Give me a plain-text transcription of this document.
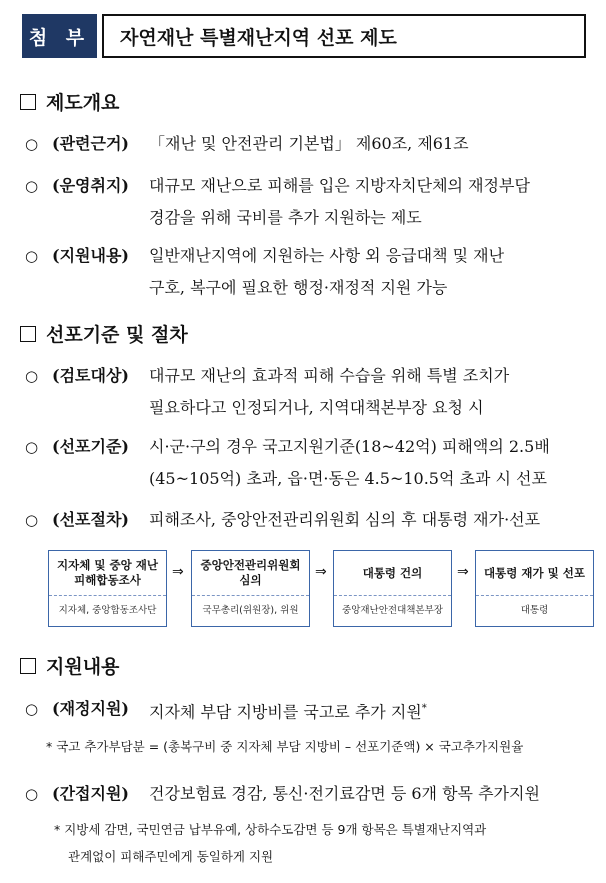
첨 부	자연재난 특별재난지역 선포 제도
제도개요
○ (관련근거) 「재난 및 안전관리 기본법」 제60조, 제61조
○ (운영취지) 대규모 재난으로 피해를 입은 지방자치단체의 재정부담
경감을 위해 국비를 추가 지원하는 제도
○ (지원내용) 일반재난지역에 지원하는 사항 외 응급대책 및 재난
구호, 복구에 필요한 행정·재정적 지원 가능
선포기준 및 절차
○ (검토대상) 대규모 재난의 효과적 피해 수습을 위해 특별 조치가
필요하다고 인정되거나, 지역대책본부장 요청 시
○ (선포기준) 시·군·구의 경우 국고지원기준(18~42억) 피해액의 2.5배
(45~105억) 초과, 읍·면·동은 4.5~10.5억 초과 시 선포
○ (선포절차) 피해조사, 중앙안전관리위원회 심의 후 대통령 재가·선포
지자체 및 중앙 재난피해합동조사
지자체, 중앙합동조사단
⇒	중앙안전관리위원회 심의
국무총리(위원장), 위원
⇒	대통령 건의
중앙재난안전대책본부장
⇒	대통령 재가 및 선포
대통령
지원내용
○ (재정지원) 지자체 부담 지방비를 국고로 추가 지원*
* 국고 추가부담분 = (총복구비 중 지자체 부담 지방비 – 선포기준액) × 국고추가지원율
○ (간접지원) 건강보험료 경감, 통신·전기료감면 등 6개 항목 추가지원
* 지방세 감면, 국민연금 납부유예, 상하수도감면 등 9개 항목은 특별재난지역과
관계없이 피해주민에게 동일하게 지원
